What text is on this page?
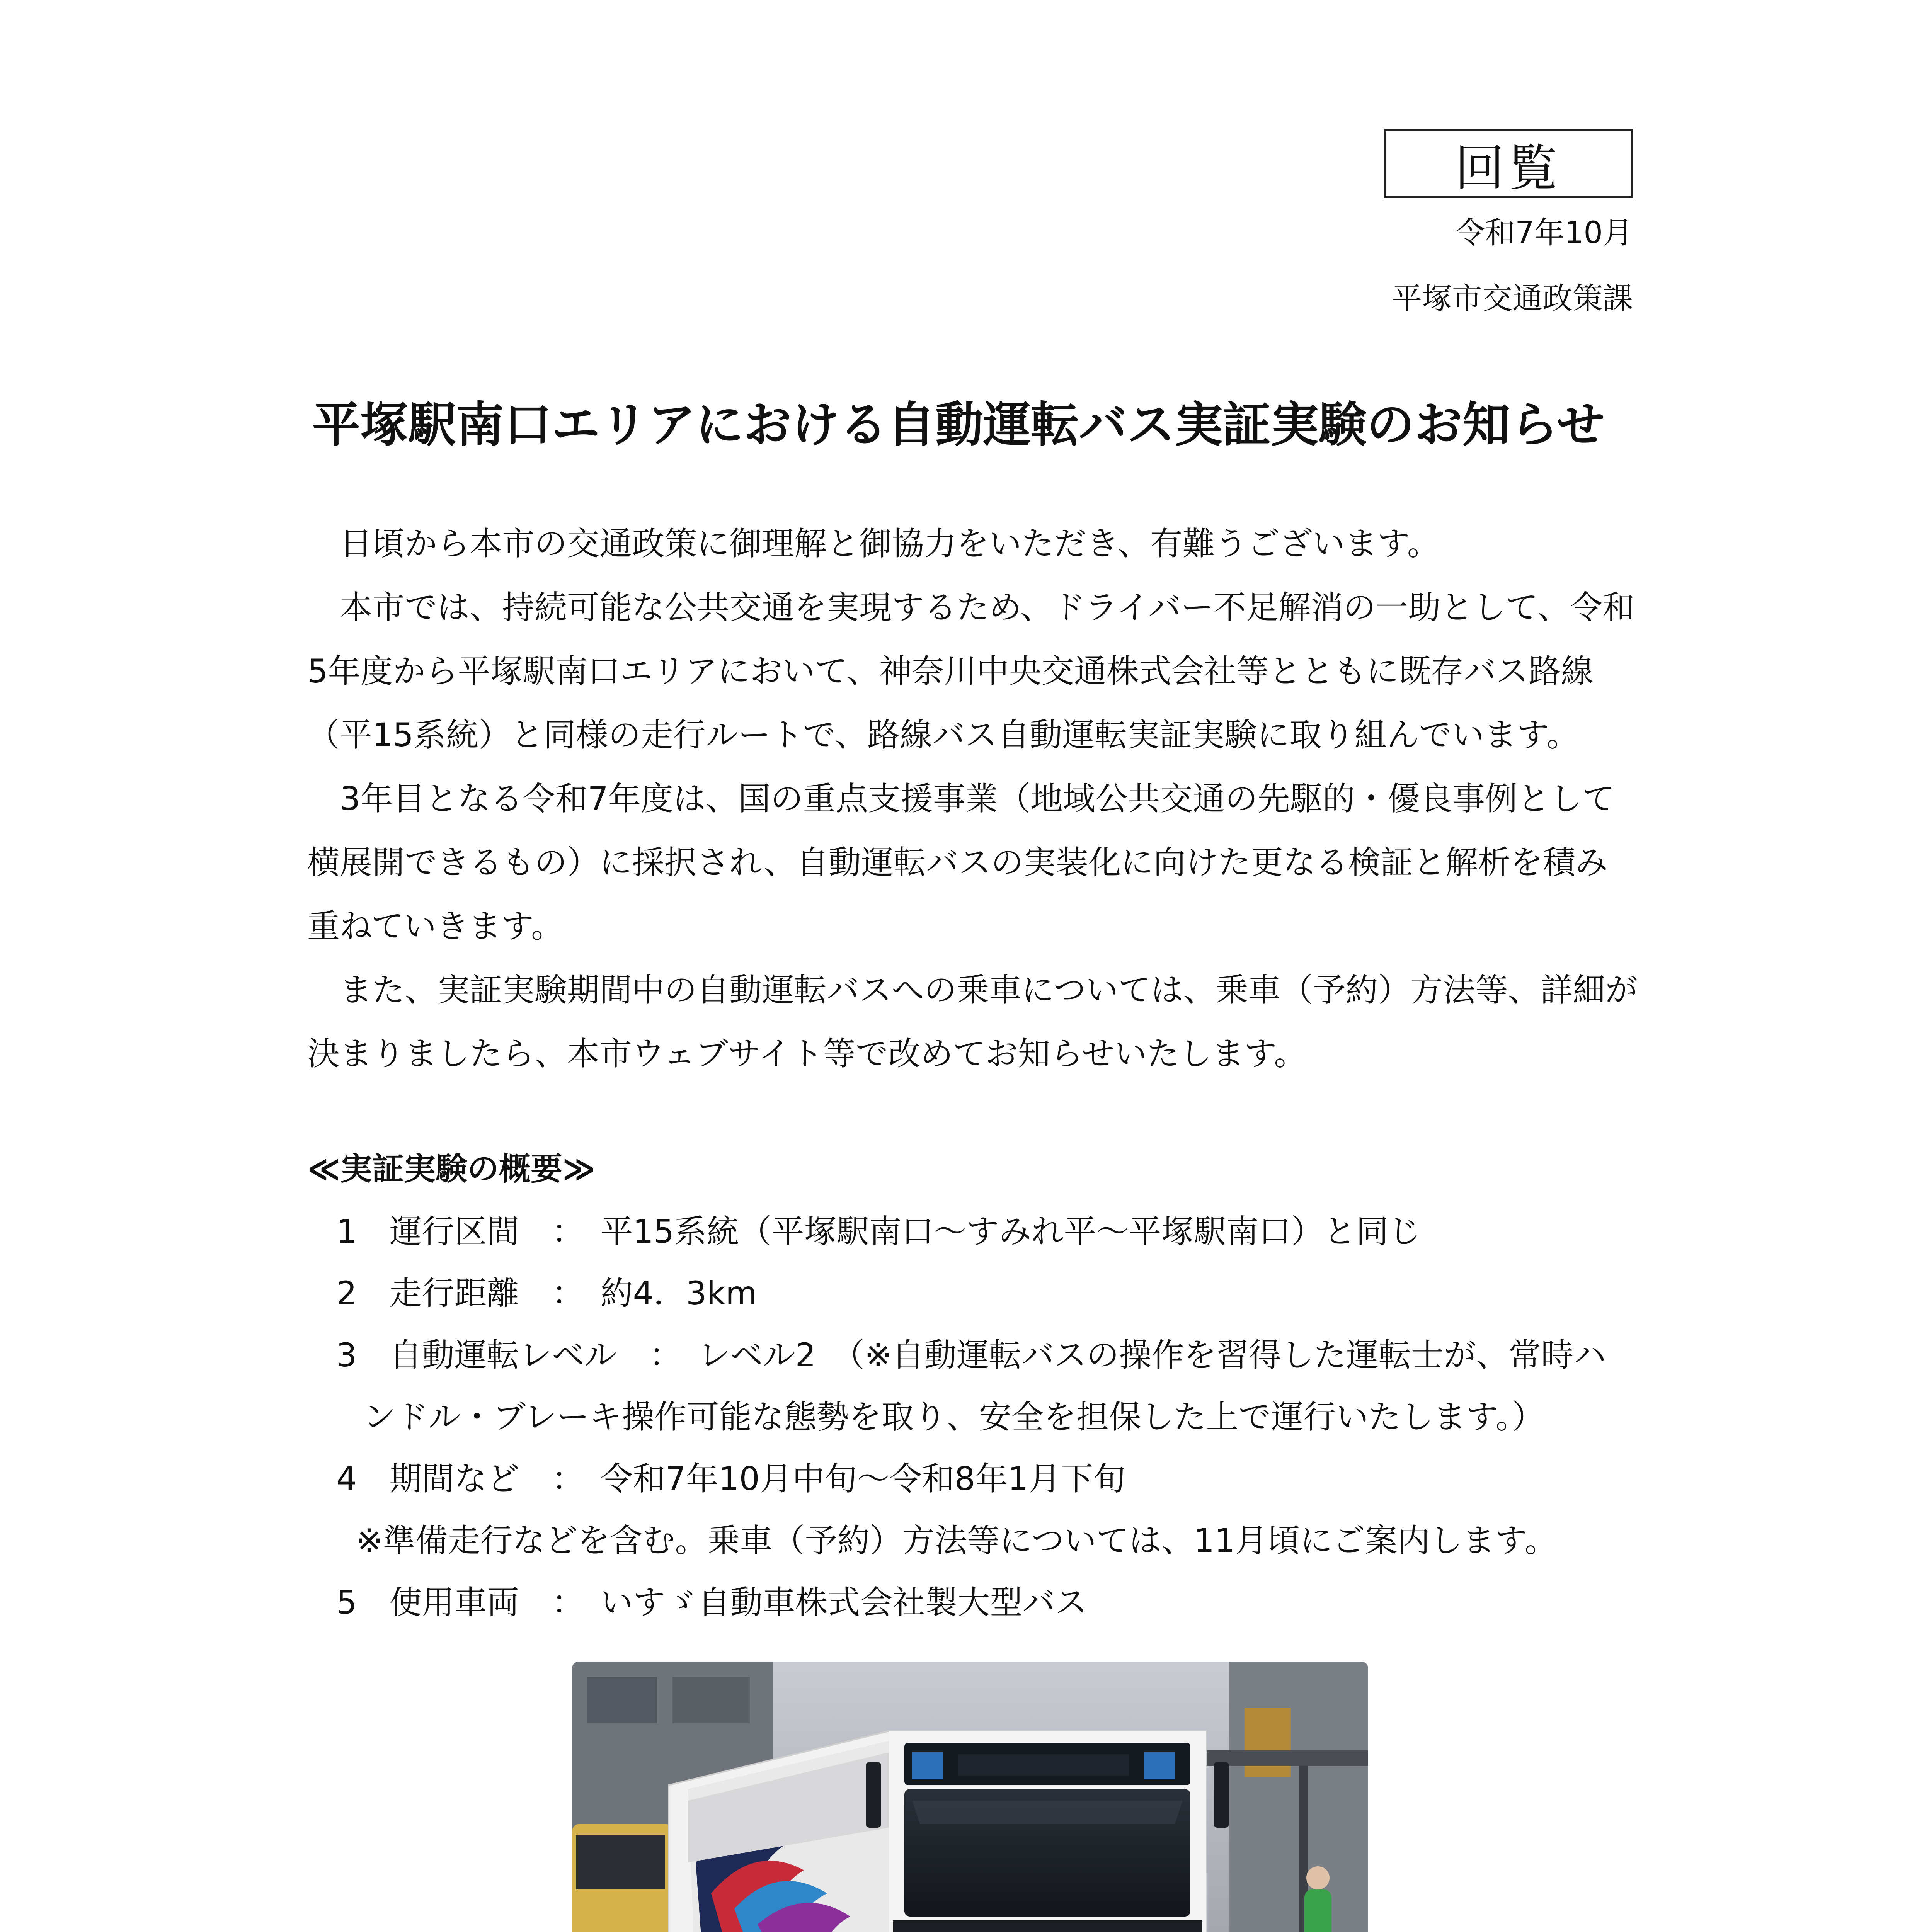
回覧
令和7年10月
平塚市交通政策課
平塚駅南口エリアにおける自動運転バス実証実験のお知らせ
　日頃から本市の交通政策に御理解と御協力をいただき、有難うございます。
　本市では、持続可能な公共交通を実現するため、ドライバー不足解消の一助として、令和
5年度から平塚駅南口エリアにおいて、神奈川中央交通株式会社等とともに既存バス路線
（平15系統）と同様の走行ルートで、路線バス自動運転実証実験に取り組んでいます。
　3年目となる令和7年度は、国の重点支援事業（地域公共交通の先駆的・優良事例として
横展開できるもの）に採択され、自動運転バスの実装化に向けた更なる検証と解析を積み
重ねていきます。
　また、実証実験期間中の自動運転バスへの乗車については、乗車（予約）方法等、詳細が
決まりましたら、本市ウェブサイト等で改めてお知らせいたします。
≪実証実験の概要≫
1　運行区間　：　平15系統（平塚駅南口～すみれ平～平塚駅南口）と同じ
2　走行距離　：　約4．3km
3　自動運転レベル　：　レベル2　（※自動運転バスの操作を習得した運転士が、常時ハ
ンドル・ブレーキ操作可能な態勢を取り、安全を担保した上で運行いたします。）
4　期間など　：　令和7年10月中旬～令和8年1月下旬
※準備走行などを含む。乗車（予約）方法等については、11月頃にご案内します。
5　使用車両　：　いすゞ自動車株式会社製大型バス
